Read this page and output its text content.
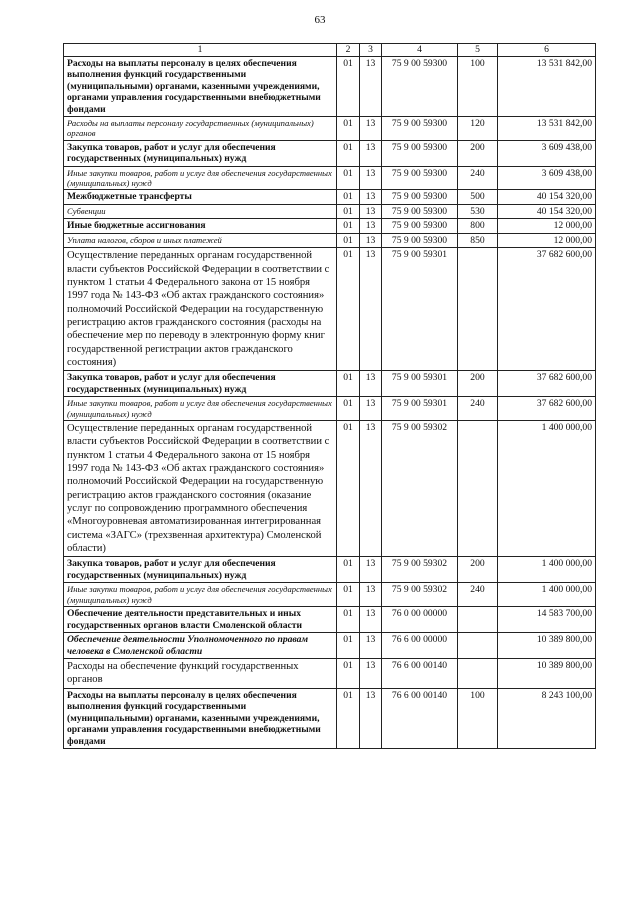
63
1	2	3	4	5	6
Расходы на выплаты персоналу в целях обеспечения выполнения функций государственными (муниципальными) органами, казенными учреждениями, органами управления государственными внебюджетными фондами	01	13	75 9 00 59300	100	13 531 842,00
Расходы на выплаты персоналу государственных (муниципальных) органов	01	13	75 9 00 59300	120	13 531 842,00
Закупка товаров, работ и услуг для обеспечения государственных (муниципальных) нужд	01	13	75 9 00 59300	200	3 609 438,00
Иные закупки товаров, работ и услуг для обеспечения государственных (муниципальных) нужд	01	13	75 9 00 59300	240	3 609 438,00
Межбюджетные трансферты	01	13	75 9 00 59300	500	40 154 320,00
Субвенции	01	13	75 9 00 59300	530	40 154 320,00
Иные бюджетные ассигнования	01	13	75 9 00 59300	800	12 000,00
Уплата налогов, сборов и иных платежей	01	13	75 9 00 59300	850	12 000,00
Осуществление переданных органам государственной власти субъектов Российской Федерации в соответствии с пунктом 1 статьи 4 Федерального закона от 15 ноября 1997 года № 143-ФЗ «Об актах гражданского состояния» полномочий Российской Федерации на государственную регистрацию актов гражданского состояния (расходы на обеспечение мер по переводу в электронную форму книг государственной регистрации актов гражданского состояния)	01	13	75 9 00 59301		37 682 600,00
Закупка товаров, работ и услуг для обеспечения государственных (муниципальных) нужд	01	13	75 9 00 59301	200	37 682 600,00
Иные закупки товаров, работ и услуг для обеспечения государственных (муниципальных) нужд	01	13	75 9 00 59301	240	37 682 600,00
Осуществление переданных органам государственной власти субъектов Российской Федерации в соответствии с пунктом 1 статьи 4 Федерального закона от 15 ноября 1997 года № 143-ФЗ «Об актах гражданского состояния» полномочий Российской Федерации на государственную регистрацию актов гражданского состояния (оказание услуг по сопровождению программного обеспечения «Многоуровневая автоматизированная интегрированная система «ЗАГС» (трехзвенная архитектура) Смоленской области)	01	13	75 9 00 59302		1 400 000,00
Закупка товаров, работ и услуг для обеспечения государственных (муниципальных) нужд	01	13	75 9 00 59302	200	1 400 000,00
Иные закупки товаров, работ и услуг для обеспечения государственных (муниципальных) нужд	01	13	75 9 00 59302	240	1 400 000,00
Обеспечение деятельности представительных и иных государственных органов власти Смоленской области	01	13	76 0 00 00000		14 583 700,00
Обеспечение деятельности Уполномоченного по правам человека в Смоленской области	01	13	76 6 00 00000		10 389 800,00
Расходы на обеспечение функций государственных органов	01	13	76 6 00 00140		10 389 800,00
Расходы на выплаты персоналу в целях обеспечения выполнения функций государственными (муниципальными) органами, казенными учреждениями, органами управления государственными внебюджетными фондами	01	13	76 6 00 00140	100	8 243 100,00
